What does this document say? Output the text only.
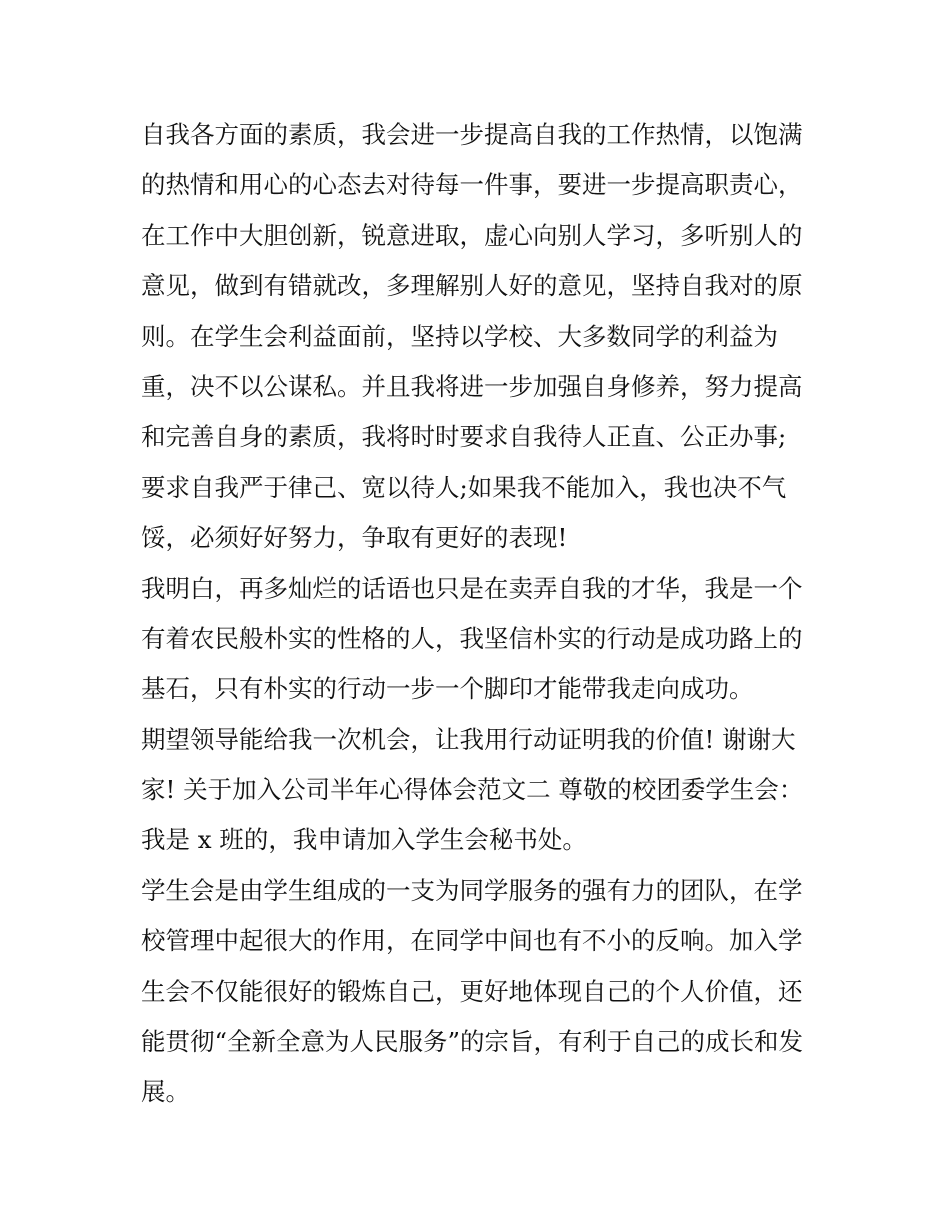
自我各方面的素质，我会进一步提高自我的工作热情，以饱满
的热情和用心的心态去对待每一件事，要进一步提高职责心，
在工作中大胆创新，锐意进取，虚心向别人学习，多听别人的
意见，做到有错就改，多理解别人好的意见，坚持自我对的原
则。在学生会利益面前，坚持以学校、大多数同学的利益为
重，决不以公谋私。并且我将进一步加强自身修养，努力提高
和完善自身的素质，我将时时要求自我待人正直、公正办事;
要求自我严于律己、宽以待人;如果我不能加入，我也决不气
馁，必须好好努力，争取有更好的表现!
我明白，再多灿烂的话语也只是在卖弄自我的才华，我是一个
有着农民般朴实的性格的人，我坚信朴实的行动是成功路上的
基石，只有朴实的行动一步一个脚印才能带我走向成功。
期望领导能给我一次机会，让我用行动证明我的价值! 谢谢大
家! 关于加入公司半年心得体会范文二 尊敬的校团委学生会：
我是 x 班的，我申请加入学生会秘书处。
学生会是由学生组成的一支为同学服务的强有力的团队，在学
校管理中起很大的作用，在同学中间也有不小的反响。加入学
生会不仅能很好的锻炼自己，更好地体现自己的个人价值，还
能贯彻“全新全意为人民服务”的宗旨，有利于自己的成长和发
展。
